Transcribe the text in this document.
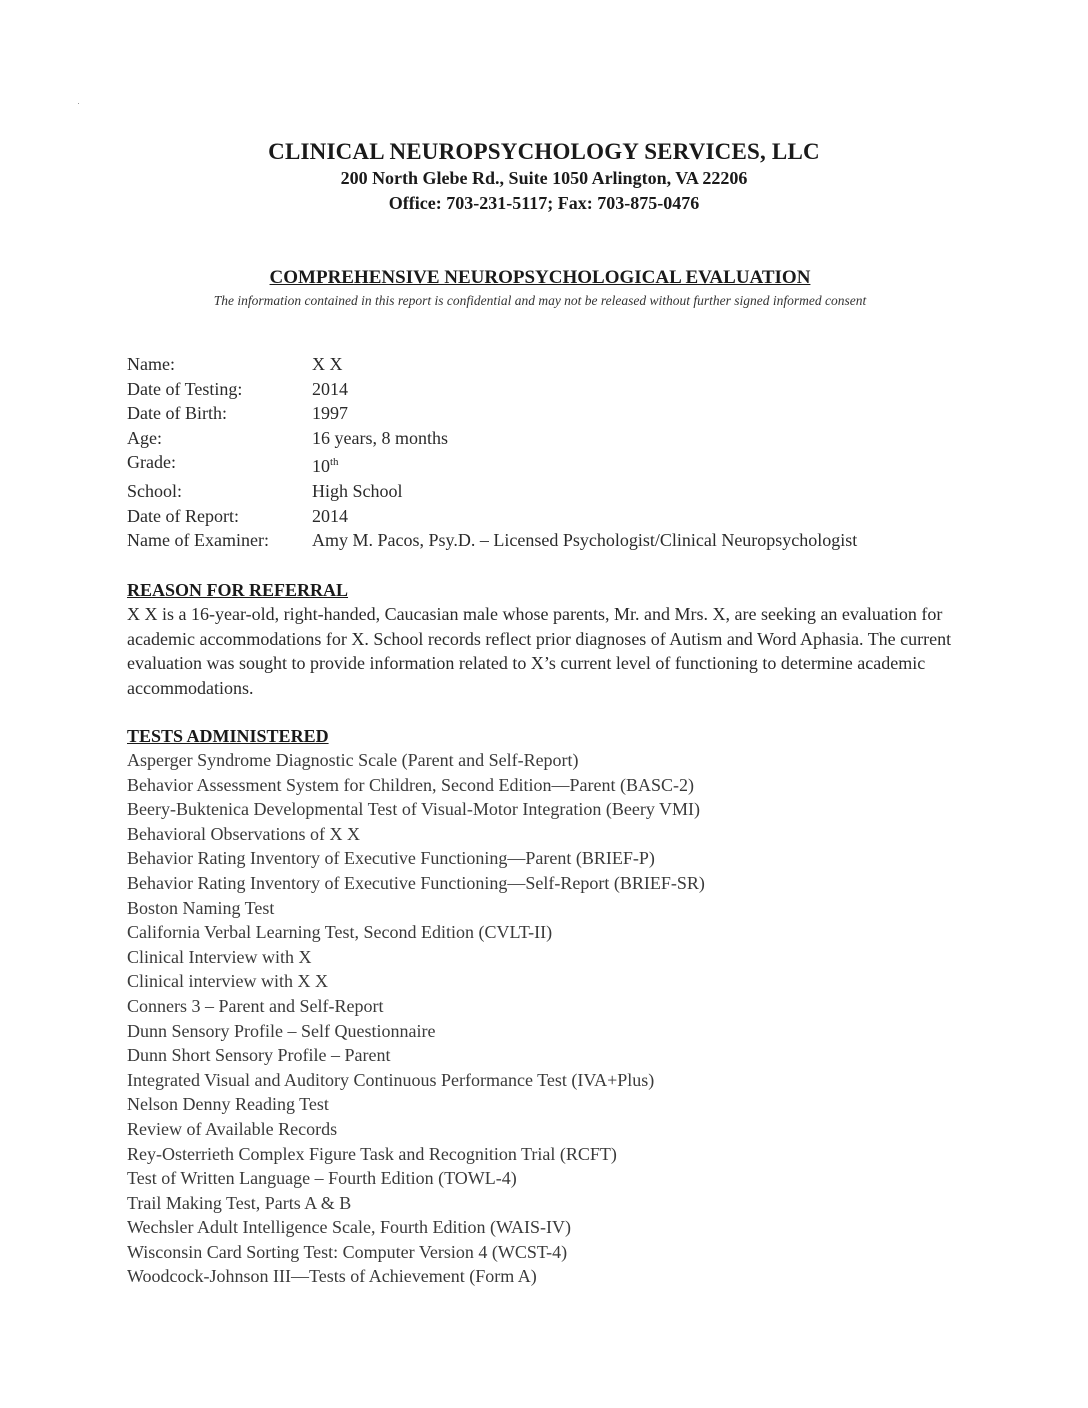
CLINICAL NEUROPSYCHOLOGY SERVICES, LLC
200 North Glebe Rd., Suite 1050 Arlington, VA 22206
Office: 703-231-5117; Fax: 703-875-0476
COMPREHENSIVE NEUROPSYCHOLOGICAL EVALUATION
The information contained in this report is confidential and may not be released without further signed informed consent
Name:	X X
Date of Testing:	2014
Date of Birth:	1997
Age:	16 years, 8 months
Grade:	10th
School:	High School
Date of Report:	2014
Name of Examiner:	Amy M. Pacos, Psy.D. – Licensed Psychologist/Clinical Neuropsychologist
REASON FOR REFERRAL
X X is a 16-year-old, right-handed, Caucasian male whose parents, Mr. and Mrs. X, are seeking an evaluation for academic accommodations for X. School records reflect prior diagnoses of Autism and Word Aphasia. The current evaluation was sought to provide information related to X’s current level of functioning to determine academic accommodations.
TESTS ADMINISTERED
Asperger Syndrome Diagnostic Scale (Parent and Self-Report)
Behavior Assessment System for Children, Second Edition—Parent (BASC-2)
Beery-Buktenica Developmental Test of Visual-Motor Integration (Beery VMI)
Behavioral Observations of X X
Behavior Rating Inventory of Executive Functioning—Parent (BRIEF-P)
Behavior Rating Inventory of Executive Functioning—Self-Report (BRIEF-SR)
Boston Naming Test
California Verbal Learning Test, Second Edition (CVLT-II)
Clinical Interview with X
Clinical interview with X X
Conners 3 – Parent and Self-Report
Dunn Sensory Profile – Self Questionnaire
Dunn Short Sensory Profile – Parent
Integrated Visual and Auditory Continuous Performance Test (IVA+Plus)
Nelson Denny Reading Test
Review of Available Records
Rey-Osterrieth Complex Figure Task and Recognition Trial (RCFT)
Test of Written Language – Fourth Edition (TOWL-4)
Trail Making Test, Parts A & B
Wechsler Adult Intelligence Scale, Fourth Edition (WAIS-IV)
Wisconsin Card Sorting Test: Computer Version 4 (WCST-4)
Woodcock-Johnson III—Tests of Achievement (Form A)
